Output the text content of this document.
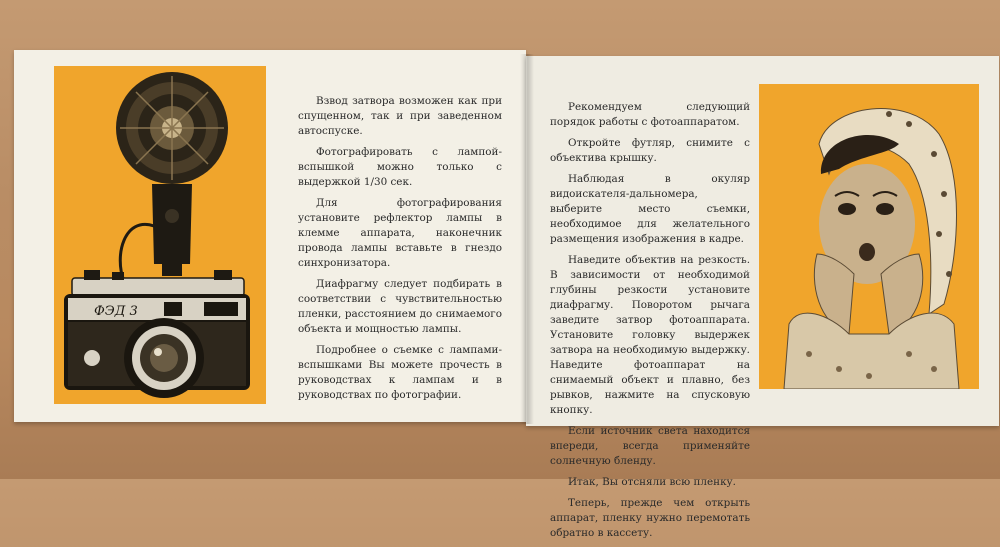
ФЭД 3

Взвод затвора возможен как при спущенном, так и при заведенном автоспуске.

Фотографировать с лампой-вспышкой можно только с выдержкой 1/30 сек.

Для фотографирования установите рефлектор лампы в клемме аппарата, наконечник провода лампы вставьте в гнездо синхронизатора.

Диафрагму следует подбирать в соответствии с чувствительностью пленки, расстоянием до снимаемого объекта и мощностью лампы.

Подробнее о съемке с лампами-вспышками Вы можете прочесть в руководствах к лампам и в руководствах по фотографии.

Рекомендуем следующий порядок работы с фотоаппаратом.

Откройте футляр, снимите с объектива крышку.

Наблюдая в окуляр видоискателя-дальномера, выберите место съемки, необходимое для желательного размещения изображения в кадре.

Наведите объектив на резкость. В зависимости от необходимой глубины резкости установите диафрагму. Поворотом рычага заведите затвор фотоаппарата. Установите головку выдержек затвора на необходимую выдержку. Наведите фотоаппарат на снимаемый объект и плавно, без рывков, нажмите на спусковую кнопку.

Если источник света находится впереди, всегда применяйте солнечную бленду.

Итак, Вы отсняли всю пленку.

Теперь, прежде чем открыть аппарат, пленку нужно перемотать обратно в кассету.
